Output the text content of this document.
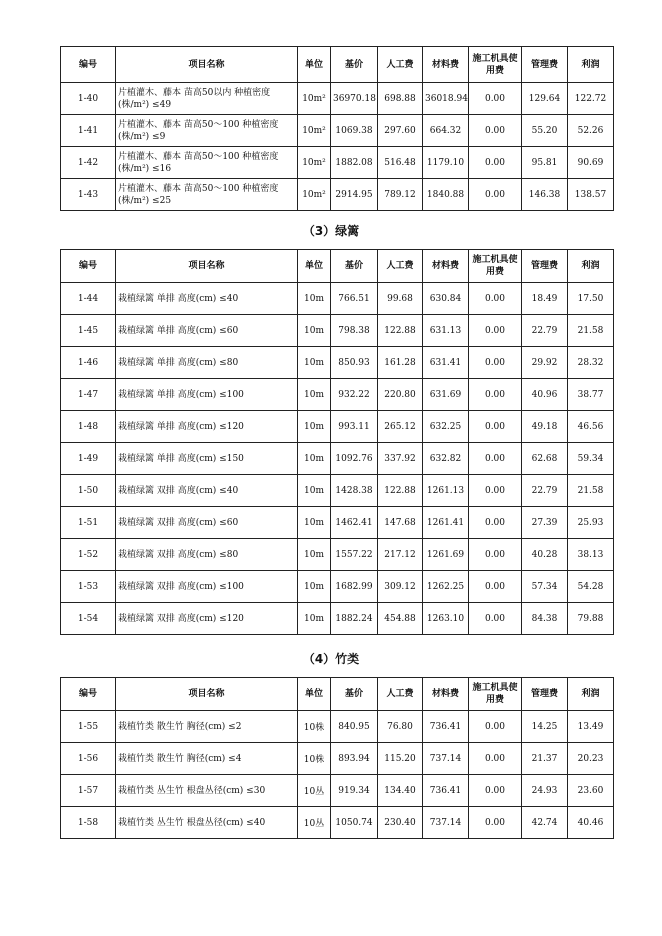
编号	项目名称	单位	基价	人工费	材料费	施工机具使用费	管理费	利润
1-40	片植灌木、藤本 苗高50以内 种植密度(株/m²) ≤49	10m²	36970.18	698.88	36018.94	0.00	129.64	122.72
1-41	片植灌木、藤本 苗高50～100 种植密度(株/m²) ≤9	10m²	1069.38	297.60	664.32	0.00	55.20	52.26
1-42	片植灌木、藤本 苗高50～100 种植密度(株/m²) ≤16	10m²	1882.08	516.48	1179.10	0.00	95.81	90.69
1-43	片植灌木、藤本 苗高50～100 种植密度(株/m²) ≤25	10m²	2914.95	789.12	1840.88	0.00	146.38	138.57
（3）绿篱
编号	项目名称	单位	基价	人工费	材料费	施工机具使用费	管理费	利润
1-44	栽植绿篱 单排 高度(cm) ≤40	10m	766.51	99.68	630.84	0.00	18.49	17.50
1-45	栽植绿篱 单排 高度(cm) ≤60	10m	798.38	122.88	631.13	0.00	22.79	21.58
1-46	栽植绿篱 单排 高度(cm) ≤80	10m	850.93	161.28	631.41	0.00	29.92	28.32
1-47	栽植绿篱 单排 高度(cm) ≤100	10m	932.22	220.80	631.69	0.00	40.96	38.77
1-48	栽植绿篱 单排 高度(cm) ≤120	10m	993.11	265.12	632.25	0.00	49.18	46.56
1-49	栽植绿篱 单排 高度(cm) ≤150	10m	1092.76	337.92	632.82	0.00	62.68	59.34
1-50	栽植绿篱 双排 高度(cm) ≤40	10m	1428.38	122.88	1261.13	0.00	22.79	21.58
1-51	栽植绿篱 双排 高度(cm) ≤60	10m	1462.41	147.68	1261.41	0.00	27.39	25.93
1-52	栽植绿篱 双排 高度(cm) ≤80	10m	1557.22	217.12	1261.69	0.00	40.28	38.13
1-53	栽植绿篱 双排 高度(cm) ≤100	10m	1682.99	309.12	1262.25	0.00	57.34	54.28
1-54	栽植绿篱 双排 高度(cm) ≤120	10m	1882.24	454.88	1263.10	0.00	84.38	79.88
（4）竹类
编号	项目名称	单位	基价	人工费	材料费	施工机具使用费	管理费	利润
1-55	栽植竹类 散生竹 胸径(cm) ≤2	10株	840.95	76.80	736.41	0.00	14.25	13.49
1-56	栽植竹类 散生竹 胸径(cm) ≤4	10株	893.94	115.20	737.14	0.00	21.37	20.23
1-57	栽植竹类 丛生竹 根盘丛径(cm) ≤30	10丛	919.34	134.40	736.41	0.00	24.93	23.60
1-58	栽植竹类 丛生竹 根盘丛径(cm) ≤40	10丛	1050.74	230.40	737.14	0.00	42.74	40.46
